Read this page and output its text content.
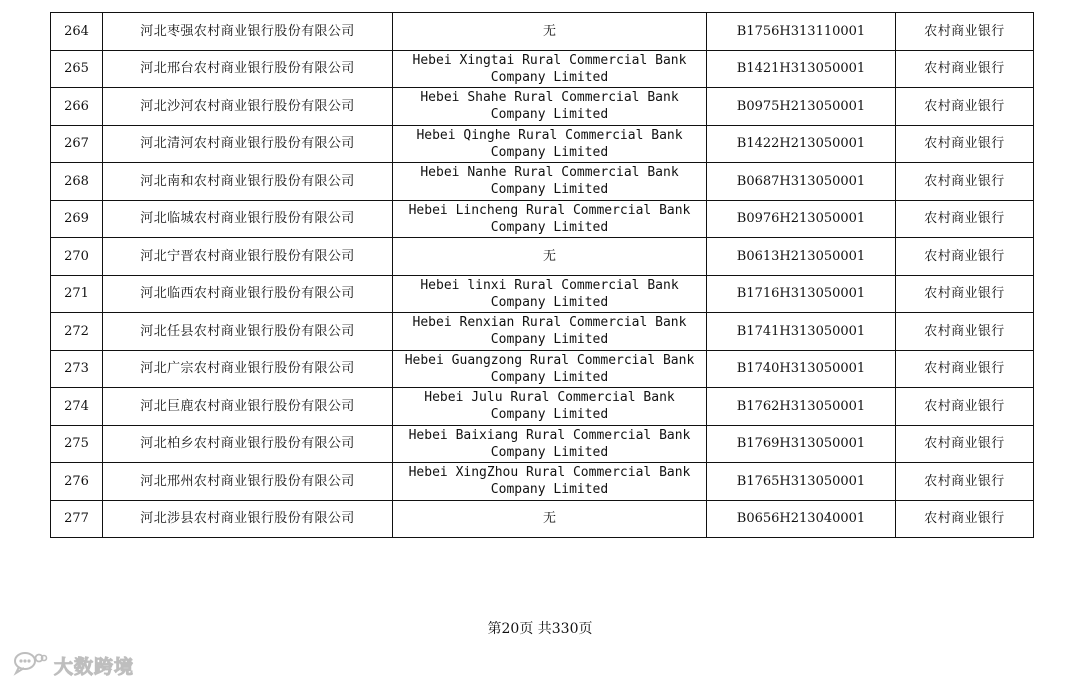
264	河北枣强农村商业银行股份有限公司	无	B1756H313110001	农村商业银行
265	河北邢台农村商业银行股份有限公司	Hebei Xingtai Rural Commercial Bank Company Limited	B1421H313050001	农村商业银行
266	河北沙河农村商业银行股份有限公司	Hebei Shahe Rural Commercial Bank Company Limited	B0975H213050001	农村商业银行
267	河北清河农村商业银行股份有限公司	Hebei Qinghe Rural Commercial Bank Company Limited	B1422H213050001	农村商业银行
268	河北南和农村商业银行股份有限公司	Hebei Nanhe Rural Commercial Bank Company Limited	B0687H313050001	农村商业银行
269	河北临城农村商业银行股份有限公司	Hebei Lincheng Rural Commercial Bank Company Limited	B0976H213050001	农村商业银行
270	河北宁晋农村商业银行股份有限公司	无	B0613H213050001	农村商业银行
271	河北临西农村商业银行股份有限公司	Hebei linxi Rural Commercial Bank Company Limited	B1716H313050001	农村商业银行
272	河北任县农村商业银行股份有限公司	Hebei Renxian Rural Commercial Bank Company Limited	B1741H313050001	农村商业银行
273	河北广宗农村商业银行股份有限公司	Hebei Guangzong Rural Commercial Bank Company Limited	B1740H313050001	农村商业银行
274	河北巨鹿农村商业银行股份有限公司	Hebei Julu Rural Commercial Bank Company Limited	B1762H313050001	农村商业银行
275	河北柏乡农村商业银行股份有限公司	Hebei Baixiang Rural Commercial Bank Company Limited	B1769H313050001	农村商业银行
276	河北邢州农村商业银行股份有限公司	Hebei XingZhou Rural Commercial Bank Company Limited	B1765H313050001	农村商业银行
277	河北涉县农村商业银行股份有限公司	无	B0656H213040001	农村商业银行
第20页 共330页
大数跨境
